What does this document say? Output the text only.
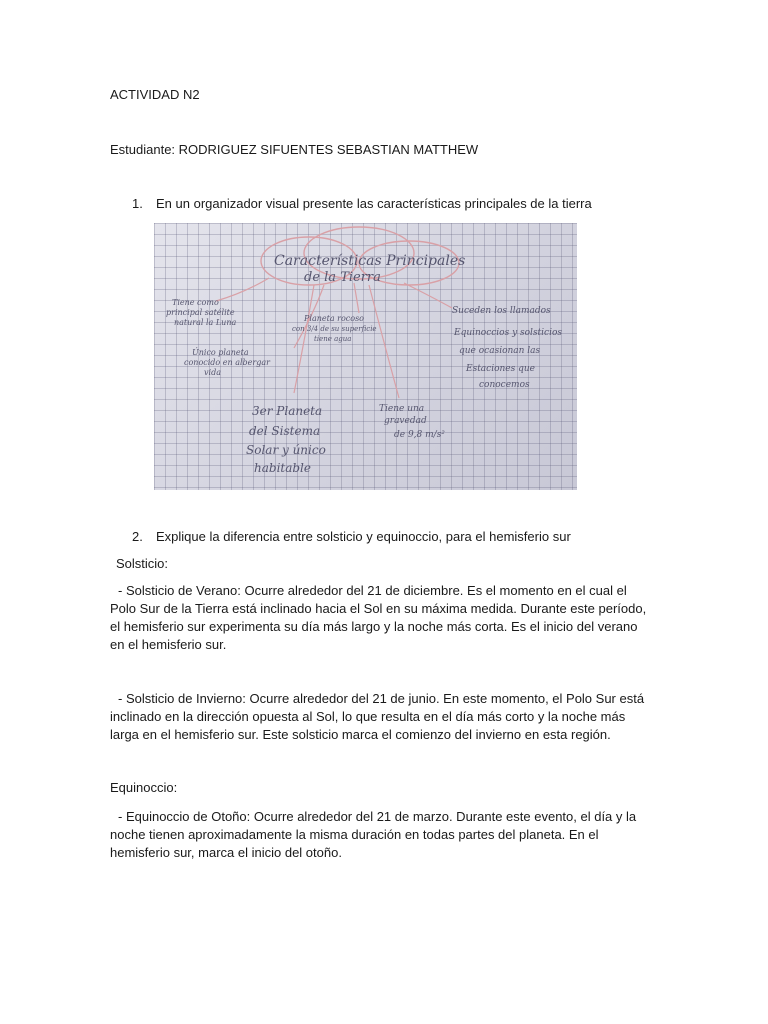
ACTIVIDAD N2
Estudiante: RODRIGUEZ SIFUENTES SEBASTIAN MATTHEW
1. En un organizador visual presente las características principales de la tierra
Características Principales
de la Tierra
Tiene como
principal satélite
natural la Luna	Planeta rocoso
con 3/4 de su superficie
tiene agua
Suceden los llamados
Equinoccios y solsticios
que ocasionan las
Estaciones que
conocemos
Único planeta
conocido en albergar
vida
3er Planeta
del Sistema
Solar y único
habitable
Tiene una
gravedad
de 9,8 m/s²
2. Explique la diferencia entre solsticio y equinoccio, para el hemisferio sur
Solsticio:

- Solsticio de Verano: Ocurre alrededor del 21 de diciembre. Es el momento en el cual el Polo Sur de la Tierra está inclinado hacia el Sol en su máxima medida. Durante este período, el hemisferio sur experimenta su día más largo y la noche más corta. Es el inicio del verano en el hemisferio sur.

- Solsticio de Invierno: Ocurre alrededor del 21 de junio. En este momento, el Polo Sur está inclinado en la dirección opuesta al Sol, lo que resulta en el día más corto y la noche más larga en el hemisferio sur. Este solsticio marca el comienzo del invierno en esta región.

Equinoccio:

- Equinoccio de Otoño: Ocurre alrededor del 21 de marzo. Durante este evento, el día y la noche tienen aproximadamente la misma duración en todas partes del planeta. En el hemisferio sur, marca el inicio del otoño.
